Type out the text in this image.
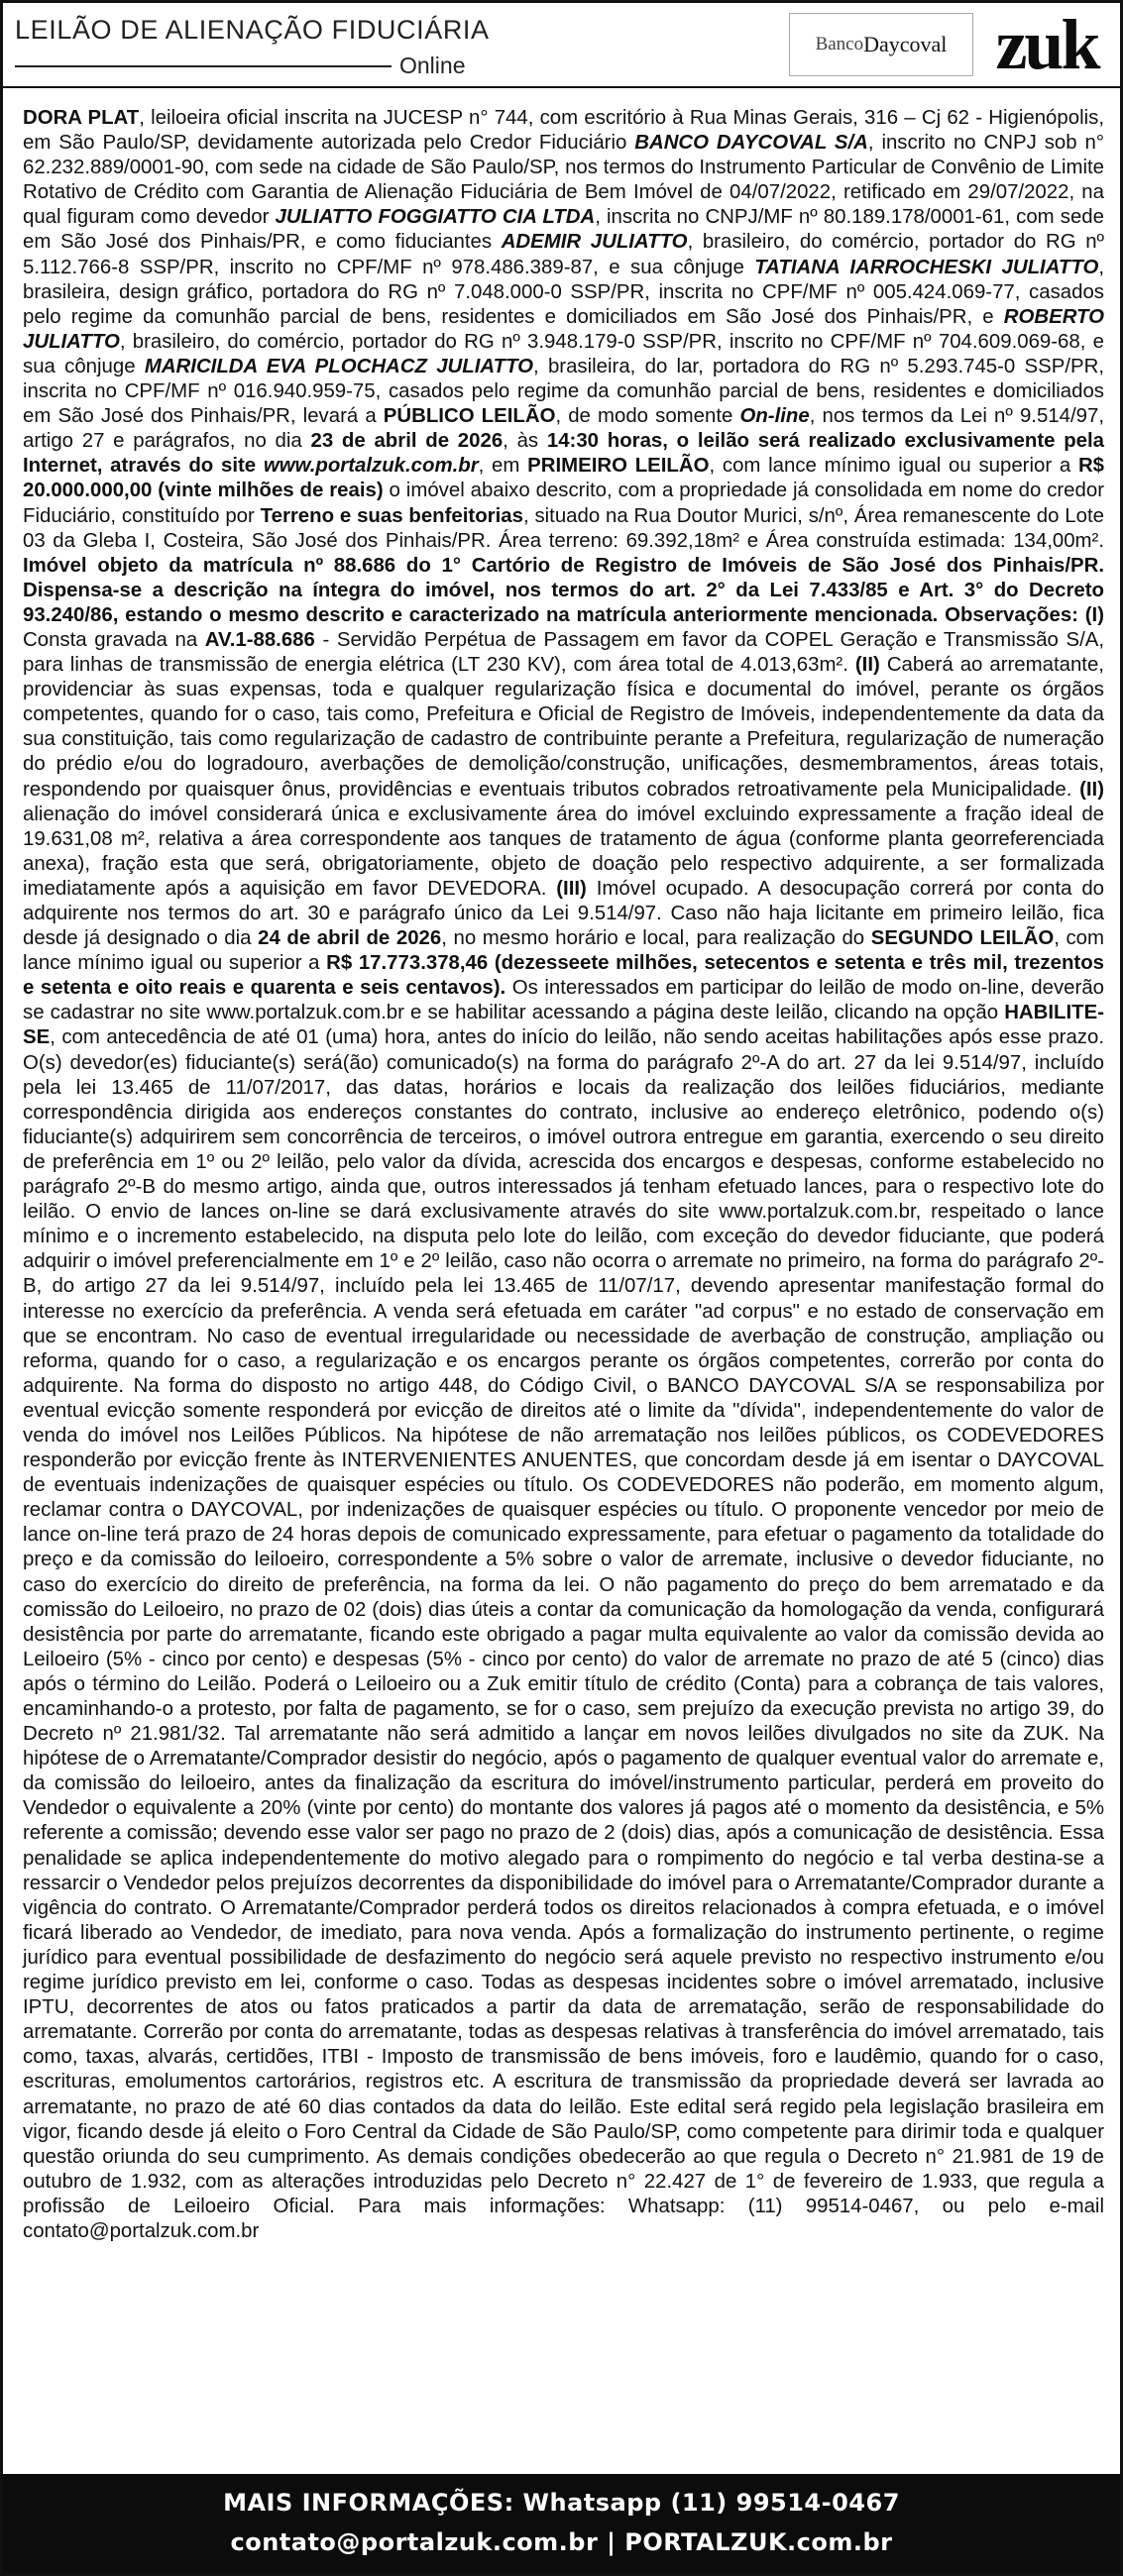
LEILÃO DE ALIENAÇÃO FIDUCIÁRIA
Online
Banco Daycoval zuk

DORA PLAT, leiloeira oficial inscrita na JUCESP n° 744, com escritório à Rua Minas Gerais, 316 – Cj 62 - Higienópolis, em São Paulo/SP, devidamente autorizada pelo Credor Fiduciário BANCO DAYCOVAL S/A, inscrito no CNPJ sob n° 62.232.889/0001-90, com sede na cidade de São Paulo/SP, nos termos do Instrumento Particular de Convênio de Limite Rotativo de Crédito com Garantia de Alienação Fiduciária de Bem Imóvel de 04/07/2022, retificado em 29/07/2022, na qual figuram como devedor JULIATTO FOGGIATTO CIA LTDA, inscrita no CNPJ/MF nº 80.189.178/0001-61, com sede em São José dos Pinhais/PR, e como fiduciantes ADEMIR JULIATTO, brasileiro, do comércio, portador do RG nº 5.112.766-8 SSP/PR, inscrito no CPF/MF nº 978.486.389-87, e sua cônjuge TATIANA IARROCHESKI JULIATTO, brasileira, design gráfico, portadora do RG nº 7.048.000-0 SSP/PR, inscrita no CPF/MF nº 005.424.069-77, casados pelo regime da comunhão parcial de bens, residentes e domiciliados em São José dos Pinhais/PR, e ROBERTO JULIATTO, brasileiro, do comércio, portador do RG nº 3.948.179-0 SSP/PR, inscrito no CPF/MF nº 704.609.069-68, e sua cônjuge MARICILDA EVA PLOCHACZ JULIATTO, brasileira, do lar, portadora do RG nº 5.293.745-0 SSP/PR, inscrita no CPF/MF nº 016.940.959-75, casados pelo regime da comunhão parcial de bens, residentes e domiciliados em São José dos Pinhais/PR, levará a PÚBLICO LEILÃO, de modo somente On-line, nos termos da Lei nº 9.514/97, artigo 27 e parágrafos, no dia 23 de abril de 2026, às 14:30 horas, o leilão será realizado exclusivamente pela Internet, através do site www.portalzuk.com.br, em PRIMEIRO LEILÃO, com lance mínimo igual ou superior a R$ 20.000.000,00 (vinte milhões de reais) o imóvel abaixo descrito, com a propriedade já consolidada em nome do credor Fiduciário, constituído por Terreno e suas benfeitorias, situado na Rua Doutor Murici, s/nº, Área remanescente do Lote 03 da Gleba I, Costeira, São José dos Pinhais/PR. Área terreno: 69.392,18m² e Área construída estimada: 134,00m². Imóvel objeto da matrícula nº 88.686 do 1° Cartório de Registro de Imóveis de São José dos Pinhais/PR. Dispensa-se a descrição na íntegra do imóvel, nos termos do art. 2° da Lei 7.433/85 e Art. 3° do Decreto 93.240/86, estando o mesmo descrito e caracterizado na matrícula anteriormente mencionada. Observações: (I) Consta gravada na AV.1-88.686 - Servidão Perpétua de Passagem em favor da COPEL Geração e Transmissão S/A, para linhas de transmissão de energia elétrica (LT 230 KV), com área total de 4.013,63m². (II) Caberá ao arrematante, providenciar às suas expensas, toda e qualquer regularização física e documental do imóvel, perante os órgãos competentes, quando for o caso, tais como, Prefeitura e Oficial de Registro de Imóveis, independentemente da data da sua constituição, tais como regularização de cadastro de contribuinte perante a Prefeitura, regularização de numeração do prédio e/ou do logradouro, averbações de demolição/construção, unificações, desmembramentos, áreas totais, respondendo por quaisquer ônus, providências e eventuais tributos cobrados retroativamente pela Municipalidade. (II) alienação do imóvel considerará única e exclusivamente área do imóvel excluindo expressamente a fração ideal de 19.631,08 m², relativa a área correspondente aos tanques de tratamento de água (conforme planta georreferenciada anexa), fração esta que será, obrigatoriamente, objeto de doação pelo respectivo adquirente, a ser formalizada imediatamente após a aquisição em favor DEVEDORA. (III) Imóvel ocupado. A desocupação correrá por conta do adquirente nos termos do art. 30 e parágrafo único da Lei 9.514/97. Caso não haja licitante em primeiro leilão, fica desde já designado o dia 24 de abril de 2026, no mesmo horário e local, para realização do SEGUNDO LEILÃO, com lance mínimo igual ou superior a R$ 17.773.378,46 (dezesseete milhões, setecentos e setenta e três mil, trezentos e setenta e oito reais e quarenta e seis centavos). Os interessados em participar do leilão de modo on-line, deverão se cadastrar no site www.portalzuk.com.br e se habilitar acessando a página deste leilão, clicando na opção HABILITE-SE, com antecedência de até 01 (uma) hora, antes do início do leilão, não sendo aceitas habilitações após esse prazo. O(s) devedor(es) fiduciante(s) será(ão) comunicado(s) na forma do parágrafo 2º-A do art. 27 da lei 9.514/97, incluído pela lei 13.465 de 11/07/2017, das datas, horários e locais da realização dos leilões fiduciários, mediante correspondência dirigida aos endereços constantes do contrato, inclusive ao endereço eletrônico, podendo o(s) fiduciante(s) adquirirem sem concorrência de terceiros, o imóvel outrora entregue em garantia, exercendo o seu direito de preferência em 1º ou 2º leilão, pelo valor da dívida, acrescida dos encargos e despesas, conforme estabelecido no parágrafo 2º-B do mesmo artigo, ainda que, outros interessados já tenham efetuado lances, para o respectivo lote do leilão. O envio de lances on-line se dará exclusivamente através do site www.portalzuk.com.br, respeitado o lance mínimo e o incremento estabelecido, na disputa pelo lote do leilão, com exceção do devedor fiduciante, que poderá adquirir o imóvel preferencialmente em 1º e 2º leilão, caso não ocorra o arremate no primeiro, na forma do parágrafo 2º-B, do artigo 27 da lei 9.514/97, incluído pela lei 13.465 de 11/07/17, devendo apresentar manifestação formal do interesse no exercício da preferência. A venda será efetuada em caráter "ad corpus" e no estado de conservação em que se encontram. No caso de eventual irregularidade ou necessidade de averbação de construção, ampliação ou reforma, quando for o caso, a regularização e os encargos perante os órgãos competentes, correrão por conta do adquirente. Na forma do disposto no artigo 448, do Código Civil, o BANCO DAYCOVAL S/A se responsabiliza por eventual evicção somente responderá por evicção de direitos até o limite da "dívida", independentemente do valor de venda do imóvel nos Leilões Públicos. Na hipótese de não arrematação nos leilões públicos, os CODEVEDORES responderão por evicção frente às INTERVENIENTES ANUENTES, que concordam desde já em isentar o DAYCOVAL de eventuais indenizações de quaisquer espécies ou título. Os CODEVEDORES não poderão, em momento algum, reclamar contra o DAYCOVAL, por indenizações de quaisquer espécies ou título. O proponente vencedor por meio de lance on-line terá prazo de 24 horas depois de comunicado expressamente, para efetuar o pagamento da totalidade do preço e da comissão do leiloeiro, correspondente a 5% sobre o valor de arremate, inclusive o devedor fiduciante, no caso do exercício do direito de preferência, na forma da lei. O não pagamento do preço do bem arrematado e da comissão do Leiloeiro, no prazo de 02 (dois) dias úteis a contar da comunicação da homologação da venda, configurará desistência por parte do arrematante, ficando este obrigado a pagar multa equivalente ao valor da comissão devida ao Leiloeiro (5% - cinco por cento) e despesas (5% - cinco por cento) do valor de arremate no prazo de até 5 (cinco) dias após o término do Leilão. Poderá o Leiloeiro ou a Zuk emitir título de crédito (Conta) para a cobrança de tais valores, encaminhando-o a protesto, por falta de pagamento, se for o caso, sem prejuízo da execução prevista no artigo 39, do Decreto nº 21.981/32. Tal arrematante não será admitido a lançar em novos leilões divulgados no site da ZUK. Na hipótese de o Arrematante/Comprador desistir do negócio, após o pagamento de qualquer eventual valor do arremate e, da comissão do leiloeiro, antes da finalização da escritura do imóvel/instrumento particular, perderá em proveito do Vendedor o equivalente a 20% (vinte por cento) do montante dos valores já pagos até o momento da desistência, e 5% referente a comissão; devendo esse valor ser pago no prazo de 2 (dois) dias, após a comunicação de desistência. Essa penalidade se aplica independentemente do motivo alegado para o rompimento do negócio e tal verba destina-se a ressarcir o Vendedor pelos prejuízos decorrentes da disponibilidade do imóvel para o Arrematante/Comprador durante a vigência do contrato. O Arrematante/Comprador perderá todos os direitos relacionados à compra efetuada, e o imóvel ficará liberado ao Vendedor, de imediato, para nova venda. Após a formalização do instrumento pertinente, o regime jurídico para eventual possibilidade de desfazimento do negócio será aquele previsto no respectivo instrumento e/ou regime jurídico previsto em lei, conforme o caso. Todas as despesas incidentes sobre o imóvel arrematado, inclusive IPTU, decorrentes de atos ou fatos praticados a partir da data de arrematação, serão de responsabilidade do arrematante. Correrão por conta do arrematante, todas as despesas relativas à transferência do imóvel arrematado, tais como, taxas, alvarás, certidões, ITBI - Imposto de transmissão de bens imóveis, foro e laudêmio, quando for o caso, escrituras, emolumentos cartorários, registros etc. A escritura de transmissão da propriedade deverá ser lavrada ao arrematante, no prazo de até 60 dias contados da data do leilão. Este edital será regido pela legislação brasileira em vigor, ficando desde já eleito o Foro Central da Cidade de São Paulo/SP, como competente para dirimir toda e qualquer questão oriunda do seu cumprimento. As demais condições obedecerão ao que regula o Decreto n° 21.981 de 19 de outubro de 1.932, com as alterações introduzidas pelo Decreto n° 22.427 de 1° de fevereiro de 1.933, que regula a profissão de Leiloeiro Oficial. Para mais informações: Whatsapp: (11) 99514-0467, ou pelo e-mail contato@portalzuk.com.br

MAIS INFORMAÇÕES: Whatsapp (11) 99514-0467
contato@portalzuk.com.br | PORTALZUK.com.br
